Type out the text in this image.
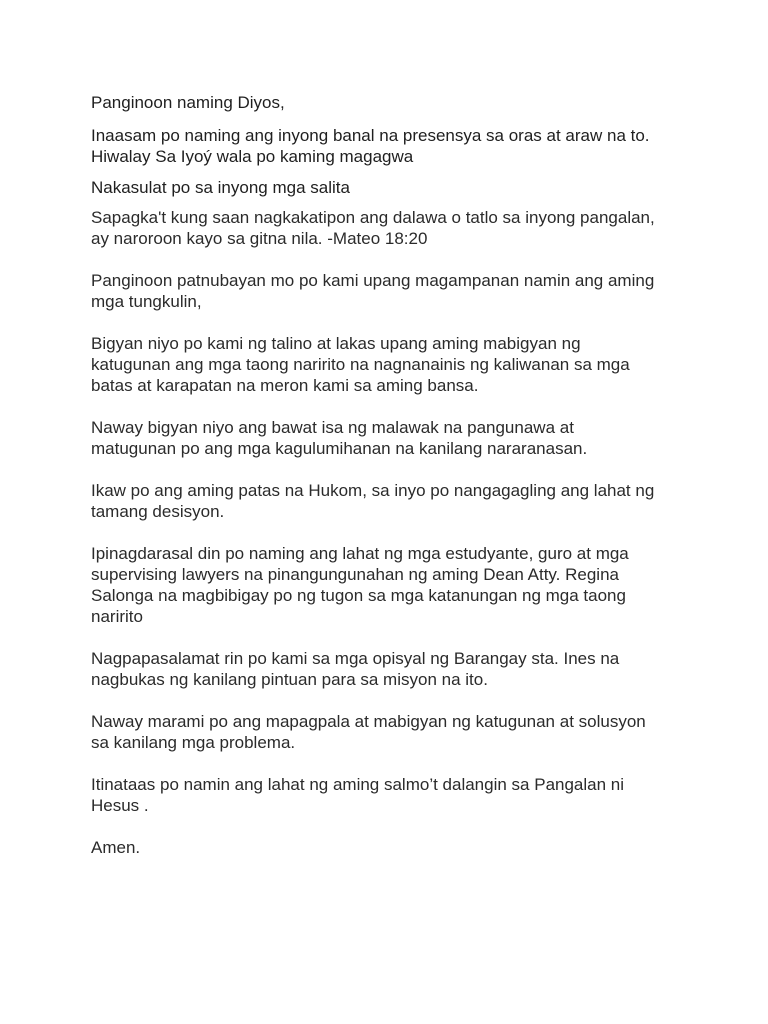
Panginoon naming Diyos,

Inaasam po naming ang inyong banal na presensya sa oras at araw na to.
Hiwalay Sa Iyoý wala po kaming magagwa

Nakasulat po sa inyong mga salita

Sapagka't kung saan nagkakatipon ang dalawa o tatlo sa inyong pangalan,
ay naroroon kayo sa gitna nila. -Mateo 18:20

Panginoon patnubayan mo po kami upang magampanan namin ang aming
mga tungkulin,

Bigyan niyo po kami ng talino at lakas upang aming mabigyan ng
katugunan ang mga taong naririto na nagnanainis ng kaliwanan sa mga
batas at karapatan na meron kami sa aming bansa.

Naway bigyan niyo ang bawat isa ng malawak na pangunawa at
matugunan po ang mga kagulumihanan na kanilang nararanasan.

Ikaw po ang aming patas na Hukom, sa inyo po nangagagling ang lahat ng
tamang desisyon.

Ipinagdarasal din po naming ang lahat ng mga estudyante, guro at mga
supervising lawyers na pinangungunahan ng aming Dean Atty. Regina
Salonga na magbibigay po ng tugon sa mga katanungan ng mga taong
naririto

Nagpapasalamat rin po kami sa mga opisyal ng Barangay sta. Ines na
nagbukas ng kanilang pintuan para sa misyon na ito.

Naway marami po ang mapagpala at mabigyan ng katugunan at solusyon
sa kanilang mga problema.

Itinataas po namin ang lahat ng aming salmo’t dalangin sa Pangalan ni
Hesus .

Amen.
